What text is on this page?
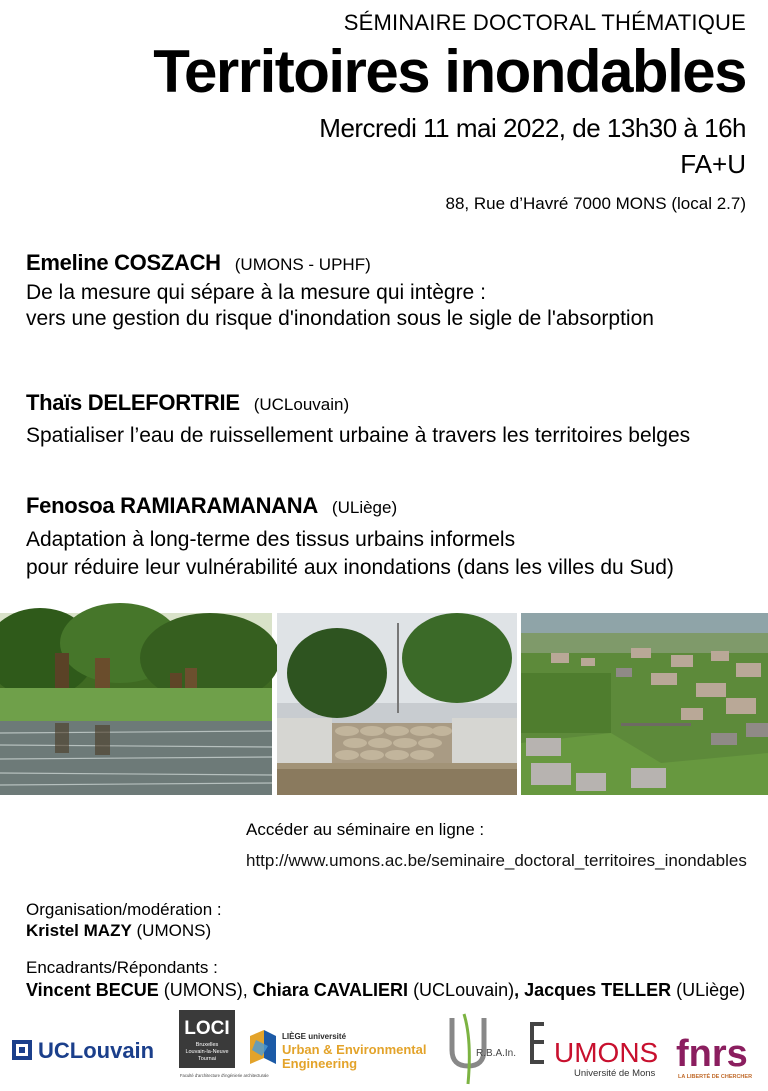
SÉMINAIRE DOCTORAL THÉMATIQUE
Territoires inondables
Mercredi 11 mai 2022, de 13h30 à 16h
FA+U
88, Rue d’Havré 7000 MONS (local 2.7)
Emeline COSZACH (UMONS - UPHF)
De la mesure qui sépare à la mesure qui intègre :
vers une gestion du risque d'inondation sous le sigle de l'absorption
Thaïs DELEFORTRIE (UCLouvain)
Spatialiser l’eau de ruissellement urbaine à travers les territoires belges
Fenosoa RAMIARAMANANA (ULiège)
Adaptation à long-terme des tissus urbains informels
pour réduire leur vulnérabilité aux inondations (dans les villes du Sud)
Accéder au séminaire en ligne :
http://www.umons.ac.be/seminaire_doctoral_territoires_inondables
Organisation/modération :
Kristel MAZY (UMONS)
Encadrants/Répondants :
Vincent BECUE (UMONS), Chiara CAVALIERI (UCLouvain), Jacques TELLER (ULiège)
UCLouvain
LOCI
Bruxelles
Louvain-la-Neuve
Tournai
Faculté d'architecture d'ingénierie architecturale
LIÈGE université
Urban & Environmental
Engineering
R.B.A.In. UMONS
Université de Mons fnrs
LA LIBERTÉ DE CHERCHER
